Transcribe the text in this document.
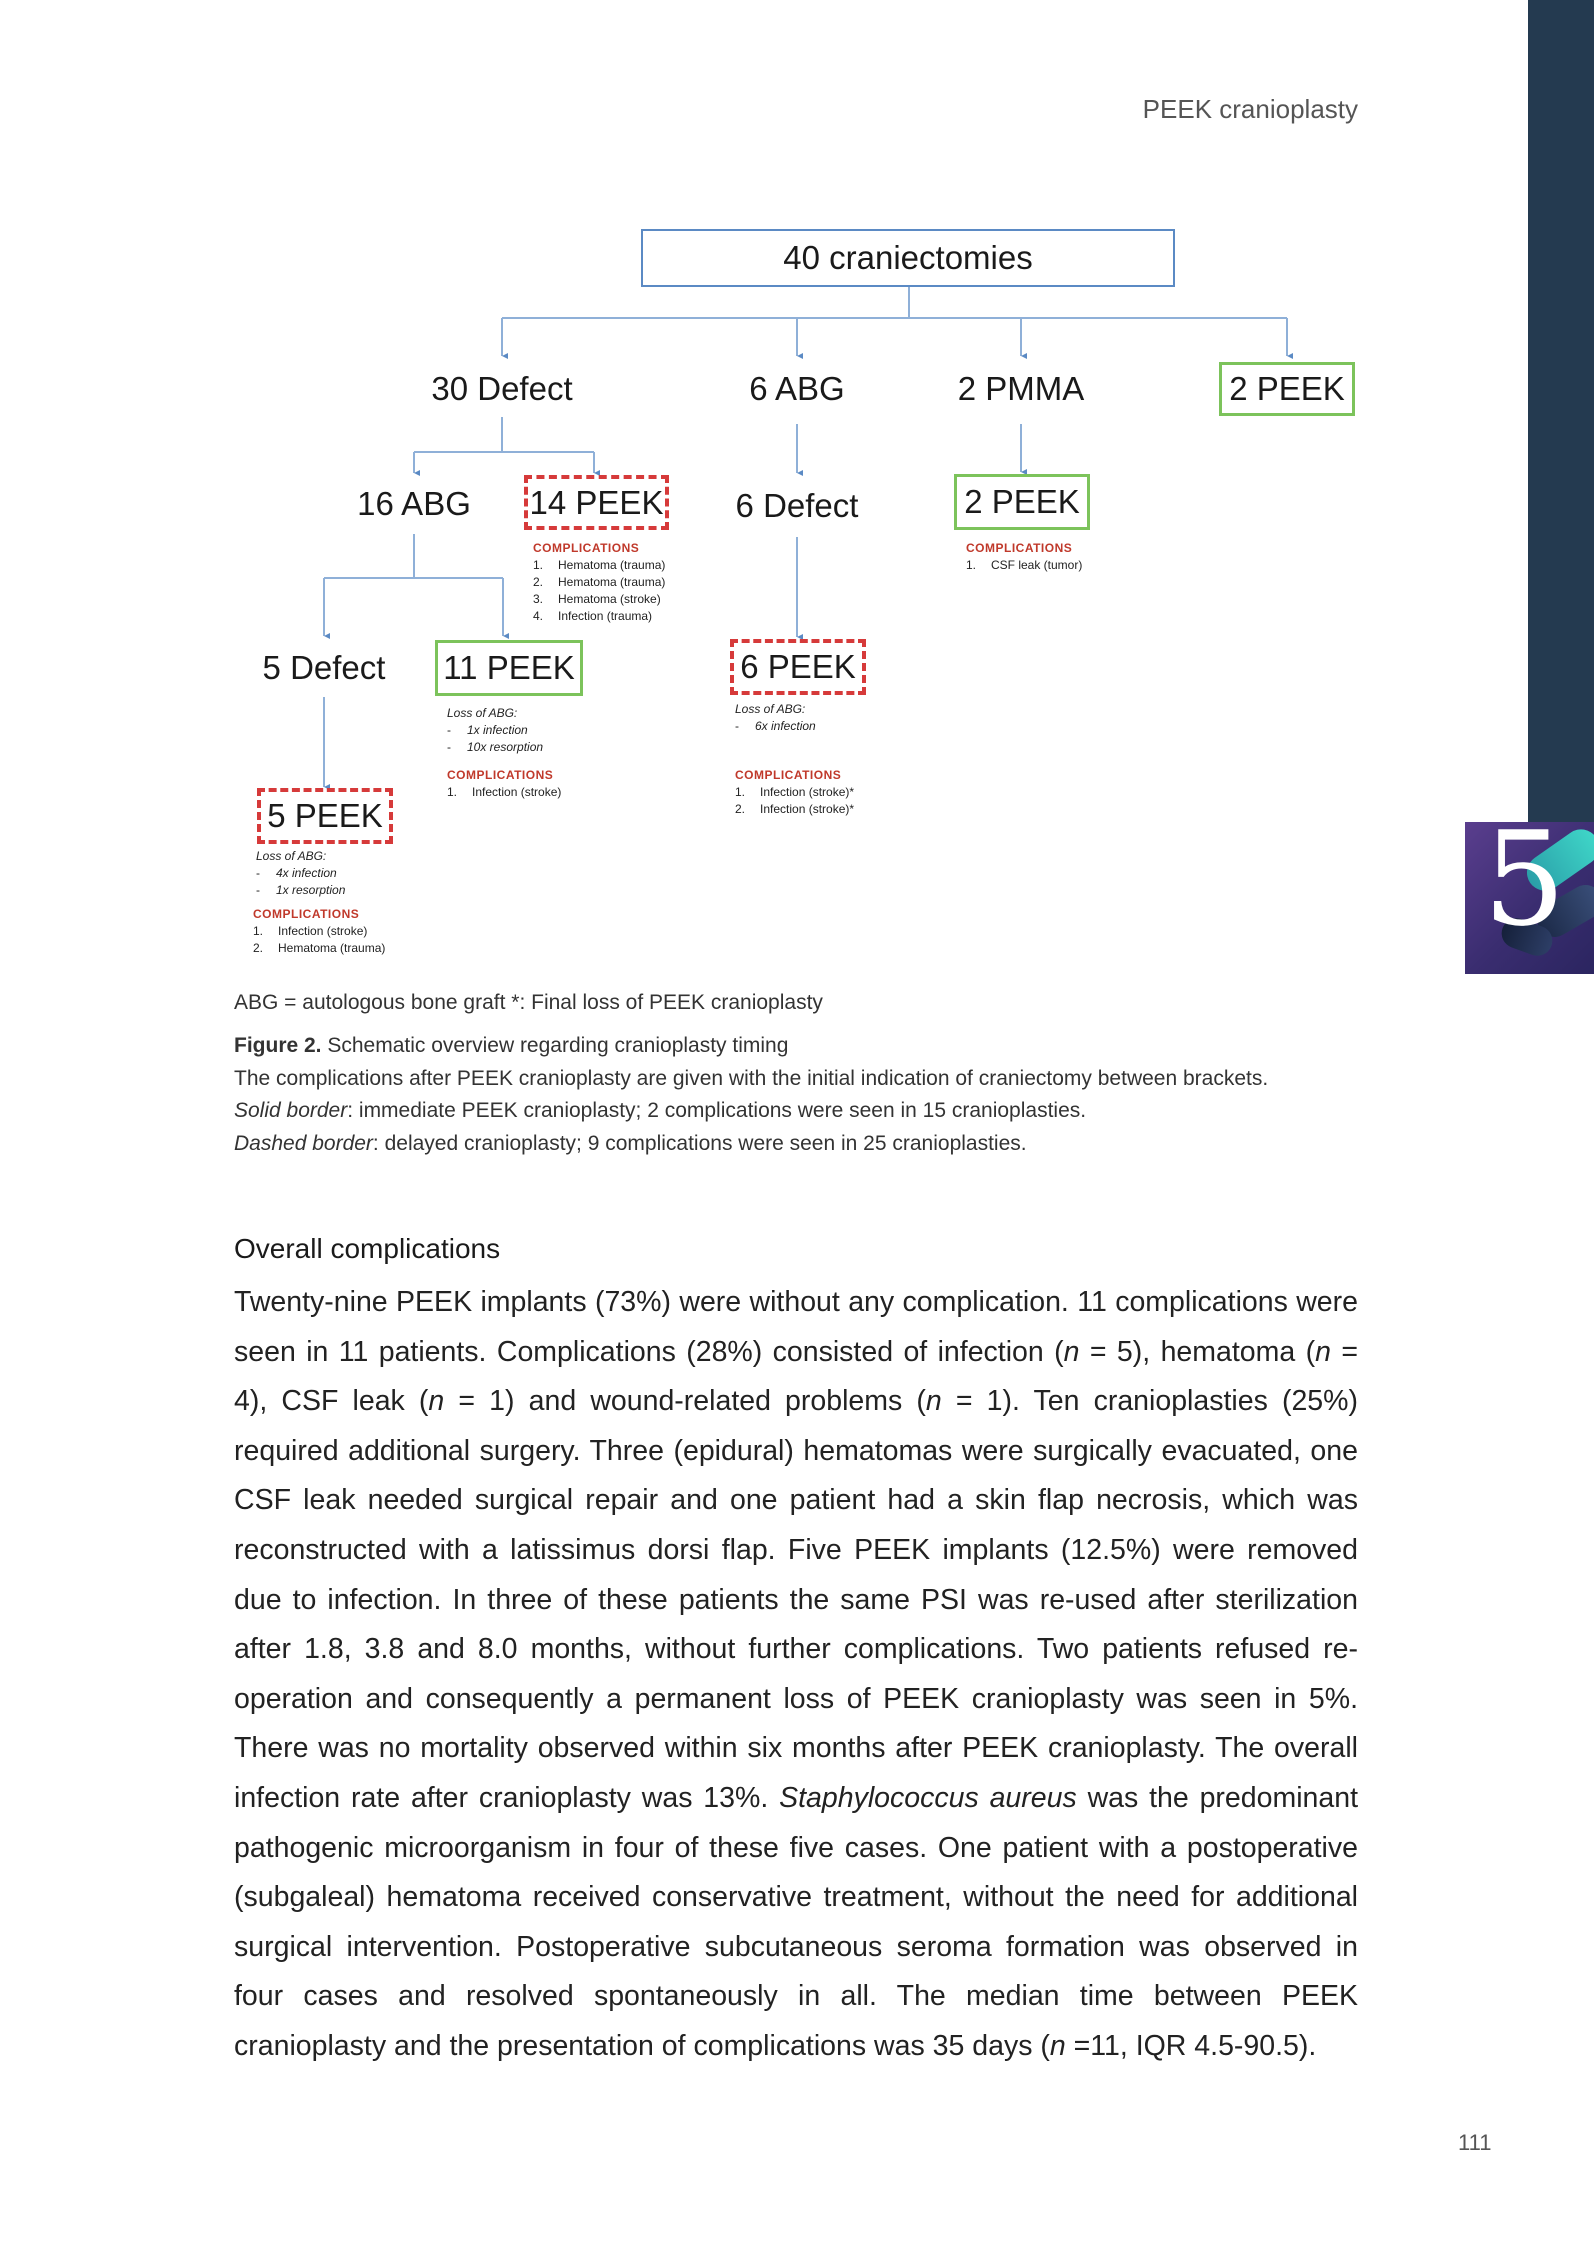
5
PEEK cranioplasty
40 craniectomies
30 Defect	6 ABG	2 PMMA	2 PEEK
16 ABG	14 PEEK	6 Defect	2 PEEK
COMPLICATIONS
1. Hematoma (trauma)
2. Hematoma (trauma)
3. Hematoma (stroke)
4. Infection (trauma)
COMPLICATIONS
1. CSF leak (tumor)
5 Defect 11 PEEK	6 PEEK
Loss of ABG:
- 1x infection
- 10x resorption
COMPLICATIONS
1. Infection (stroke)
Loss of ABG:
- 6x infection
COMPLICATIONS
1. Infection (stroke)*
2. Infection (stroke)*
5 PEEK
Loss of ABG:
- 4x infection
- 1x resorption
COMPLICATIONS
1. Infection (stroke)
2. Hematoma (trauma)
ABG = autologous bone graft *: Final loss of PEEK cranioplasty
Figure 2. Schematic overview regarding cranioplasty timing
The complications after PEEK cranioplasty are given with the initial indication of craniectomy between brackets.
Solid border: immediate PEEK cranioplasty; 2 complications were seen in 15 cranioplasties.
Dashed border: delayed cranioplasty; 9 complications were seen in 25 cranioplasties.
Overall complications

Twenty-nine PEEK implants (73%) were without any complication. 11 complications were seen in 11 patients. Complications (28%) consisted of infection (n = 5), hematoma (n = 4), CSF leak (n = 1) and wound-related problems (n = 1). Ten cranioplasties (25%) required additional surgery. Three (epidural) hematomas were surgically evacuated, one CSF leak needed surgical repair and one patient had a skin flap necrosis, which was reconstructed with a latissimus dorsi flap. Five PEEK implants (12.5%) were removed due to infection. In three of these patients the same PSI was re-used after sterilization after 1.8, 3.8 and 8.0 months, without further complications. Two patients refused re-operation and consequently a permanent loss of PEEK cranioplasty was seen in 5%. There was no mortality observed within six months after PEEK cranioplasty. The overall infection rate after cranioplasty was 13%. Staphylococcus aureus was the predominant pathogenic microorganism in four of these five cases. One patient with a postoperative (subgaleal) hematoma received conservative treatment, without the need for additional surgical intervention. Postoperative subcutaneous seroma formation was observed in four cases and resolved spontaneously in all. The median time between PEEK cranioplasty and the presentation of complications was 35 days (n =11, IQR 4.5-90.5).

111
